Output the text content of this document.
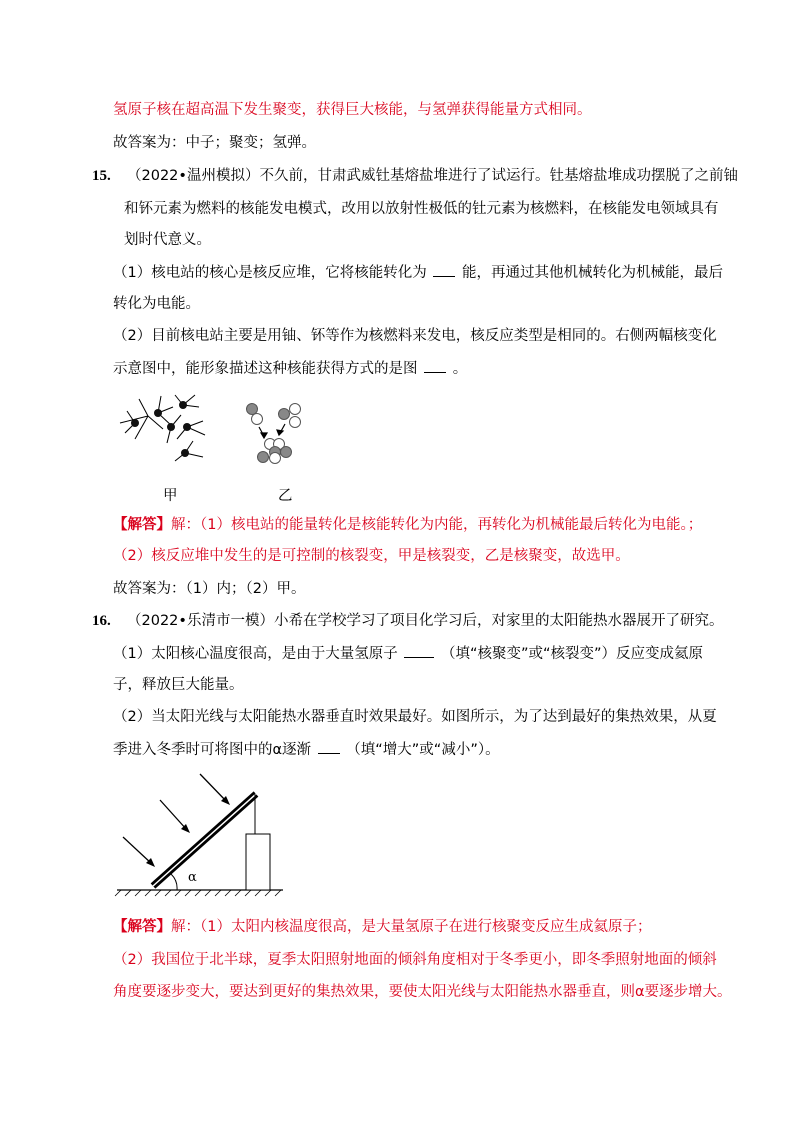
氢原子核在超高温下发生聚变，获得巨大核能，与氢弹获得能量方式相同。
故答案为：中子；聚变；氢弹。
15. （2022•温州模拟）不久前，甘肃武威钍基熔盐堆进行了试运行。钍基熔盐堆成功摆脱了之前铀
和钚元素为燃料的核能发电模式，改用以放射性极低的钍元素为核燃料，在核能发电领域具有
划时代意义。
（1）核电站的核心是核反应堆，它将核能转化为 能，再通过其他机械转化为机械能，最后
转化为电能。
（2）目前核电站主要是用铀、钚等作为核燃料来发电，核反应类型是相同的。右侧两幅核变化
示意图中，能形象描述这种核能获得方式的是图 。
甲	乙
【解答】解：（1）核电站的能量转化是核能转化为内能，再转化为机械能最后转化为电能。；
（2）核反应堆中发生的是可控制的核裂变，甲是核裂变，乙是核聚变，故选甲。
故答案为：（1）内；（2）甲。
16. （2022•乐清市一模）小希在学校学习了项目化学习后，对家里的太阳能热水器展开了研究。
（1）太阳核心温度很高，是由于大量氢原子	（填“核聚变”或“核裂变”）反应变成氦原
子，释放巨大能量。
（2）当太阳光线与太阳能热水器垂直时效果最好。如图所示，为了达到最好的集热效果，从夏
季进入冬季时可将图中的α逐渐 （填“增大”或“减小”）。
α
【解答】解：（1）太阳内核温度很高，是大量氢原子在进行核聚变反应生成氦原子；
（2）我国位于北半球，夏季太阳照射地面的倾斜角度相对于冬季更小，即冬季照射地面的倾斜
角度要逐步变大，要达到更好的集热效果，要使太阳光线与太阳能热水器垂直，则α要逐步增大。
